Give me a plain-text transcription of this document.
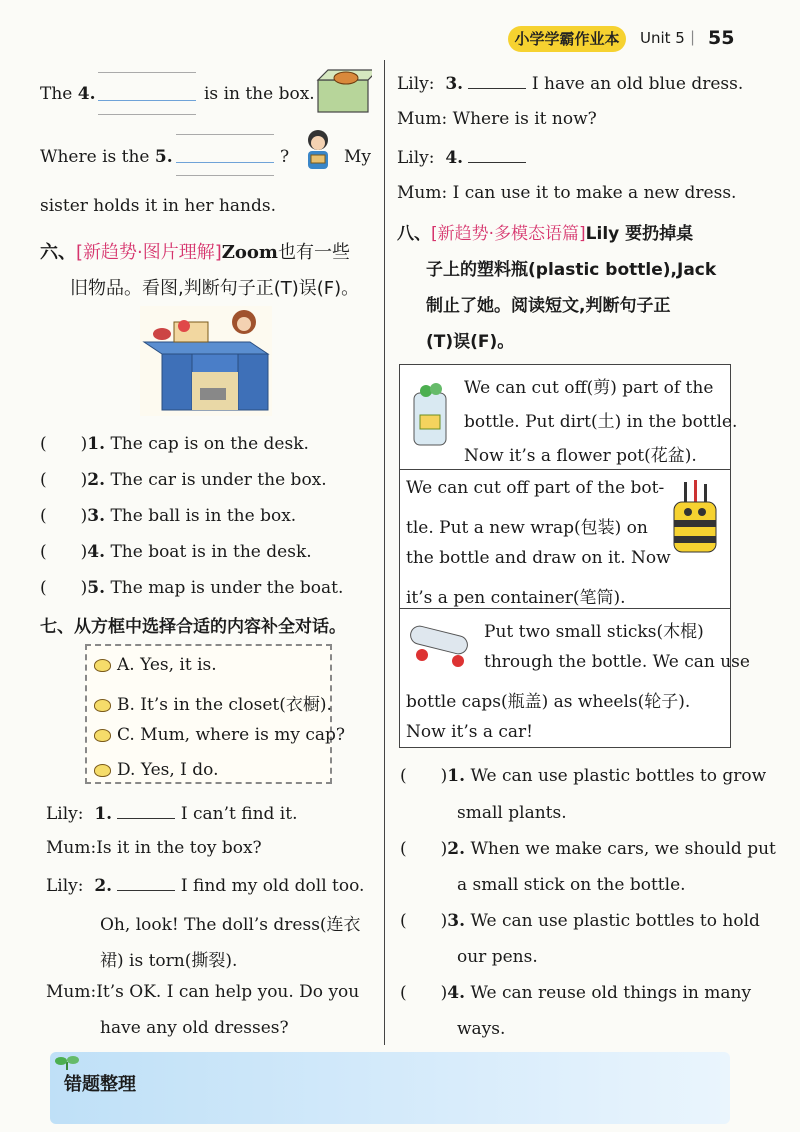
小学学霸作业本	Unit 5 | 55
The 4.	is in the box.
Where is the 5.	?	My
sister holds it in her hands.
六、[新趋势·图片理解]Zoom也有一些
旧物品。看图,判断句子正(T)误(F)。
( )1. The cap is on the desk.
( )2. The car is under the box.
( )3. The ball is in the box.
( )4. The boat is in the desk.
( )5. The map is under the boat.
七、从方框中选择合适的内容补全对话。
A. Yes, it is.
B. It’s in the closet(衣橱).
C. Mum, where is my cap?
D. Yes, I do.
Lily: 1.	I can’t find it.
Mum:Is it in the toy box?
Lily: 2.	I find my old doll too.
Oh, look! The doll’s dress(连衣
裙) is torn(撕裂).
Mum:It’s OK. I can help you. Do you
have any old dresses?
Lily: 3.	I have an old blue dress.
Mum: Where is it now?
Lily: 4.
Mum: I can use it to make a new dress.
八、[新趋势·多模态语篇]Lily 要扔掉桌
子上的塑料瓶(plastic bottle),Jack
制止了她。阅读短文,判断句子正
(T)误(F)。
We can cut off(剪) part of the
bottle. Put dirt(土) in the bottle.
Now it’s a flower pot(花盆).
We can cut off part of the bot-
tle. Put a new wrap(包装) on
the bottle and draw on it. Now
it’s a pen container(笔筒).
Put two small sticks(木棍)
through the bottle. We can use
bottle caps(瓶盖) as wheels(轮子).
Now it’s a car!
( )1. We can use plastic bottles to grow
small plants.
( )2. When we make cars, we should put
a small stick on the bottle.
( )3. We can use plastic bottles to hold
our pens.
( )4. We can reuse old things in many
ways.
错题整理
